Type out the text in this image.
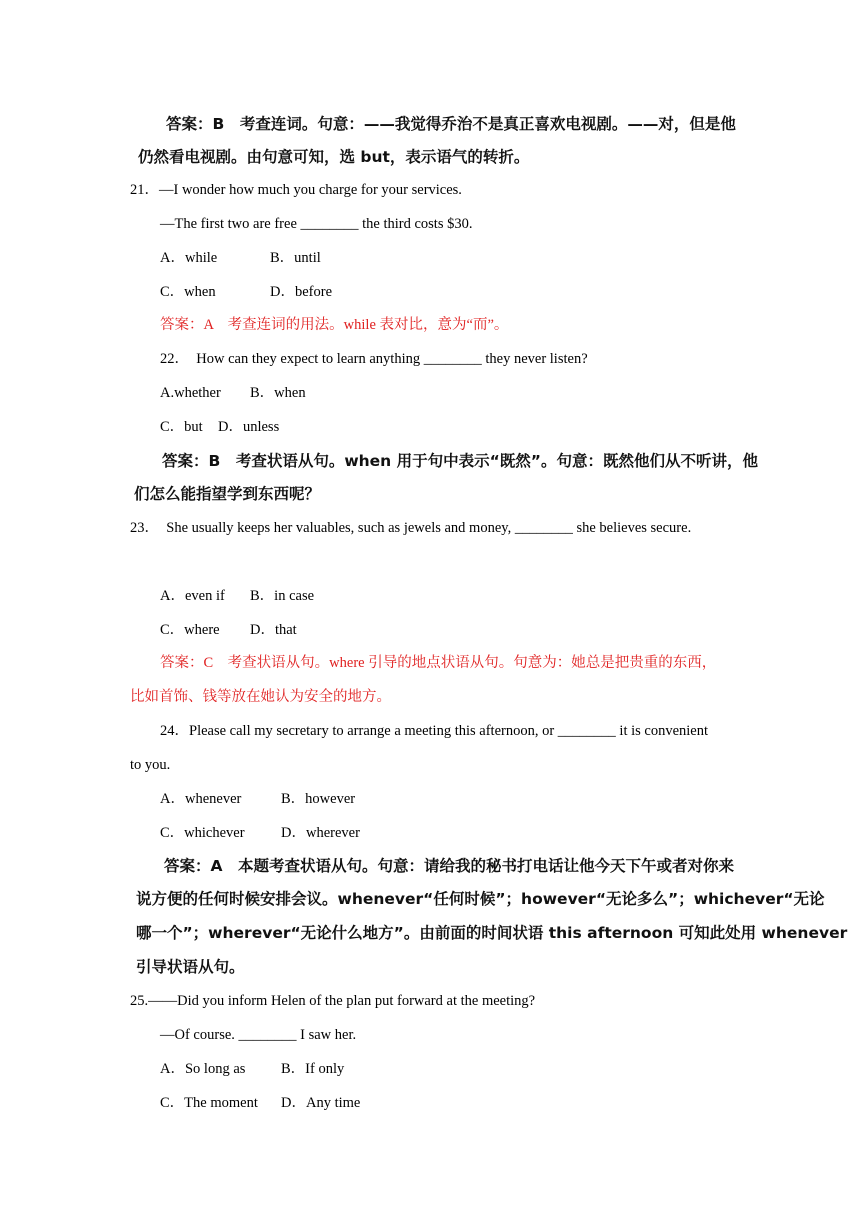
答案：B　考查连词。句意：——我觉得乔治不是真正喜欢电视剧。——对，但是他
仍然看电视剧。由句意可知，选 but，表示语气的转折。
21．—I wonder how much you charge for your services.
—The first two are free ________ the third costs $30.
A．while	B．until
C．when	D．before
答案：A　考查连词的用法。while 表对比，意为“而”。
22．　How can they expect to learn anything ________ they never listen?
A.whether B．when
C．but D．unless
答案：B　考查状语从句。when 用于句中表示“既然”。句意：既然他们从不听讲，他
们怎么能指望学到东西呢？
23．　She usually keeps her valuables, such as jewels and money, ________ she believes secure.
A．even if B．in case
C．where D．that
答案：C　考查状语从句。where 引导的地点状语从句。句意为：她总是把贵重的东西，
比如首饰、钱等放在她认为安全的地方。
24．Please call my secretary to arrange a meeting this afternoon, or ________ it is convenient
to you.
A．whenever	B．however
C．whichever	D．wherever
答案：A　本题考查状语从句。句意：请给我的秘书打电话让他今天下午或者对你来
说方便的任何时候安排会议。whenever“任何时候”；however“无论多么”；whichever“无论
哪一个”；wherever“无论什么地方”。由前面的时间状语 this afternoon 可知此处用 whenever
引导状语从句。
25.——Did you inform Helen of the plan put forward at the meeting?
—Of course. ________ I saw her.
A．So long as B．If only
C．The moment D．Any time
